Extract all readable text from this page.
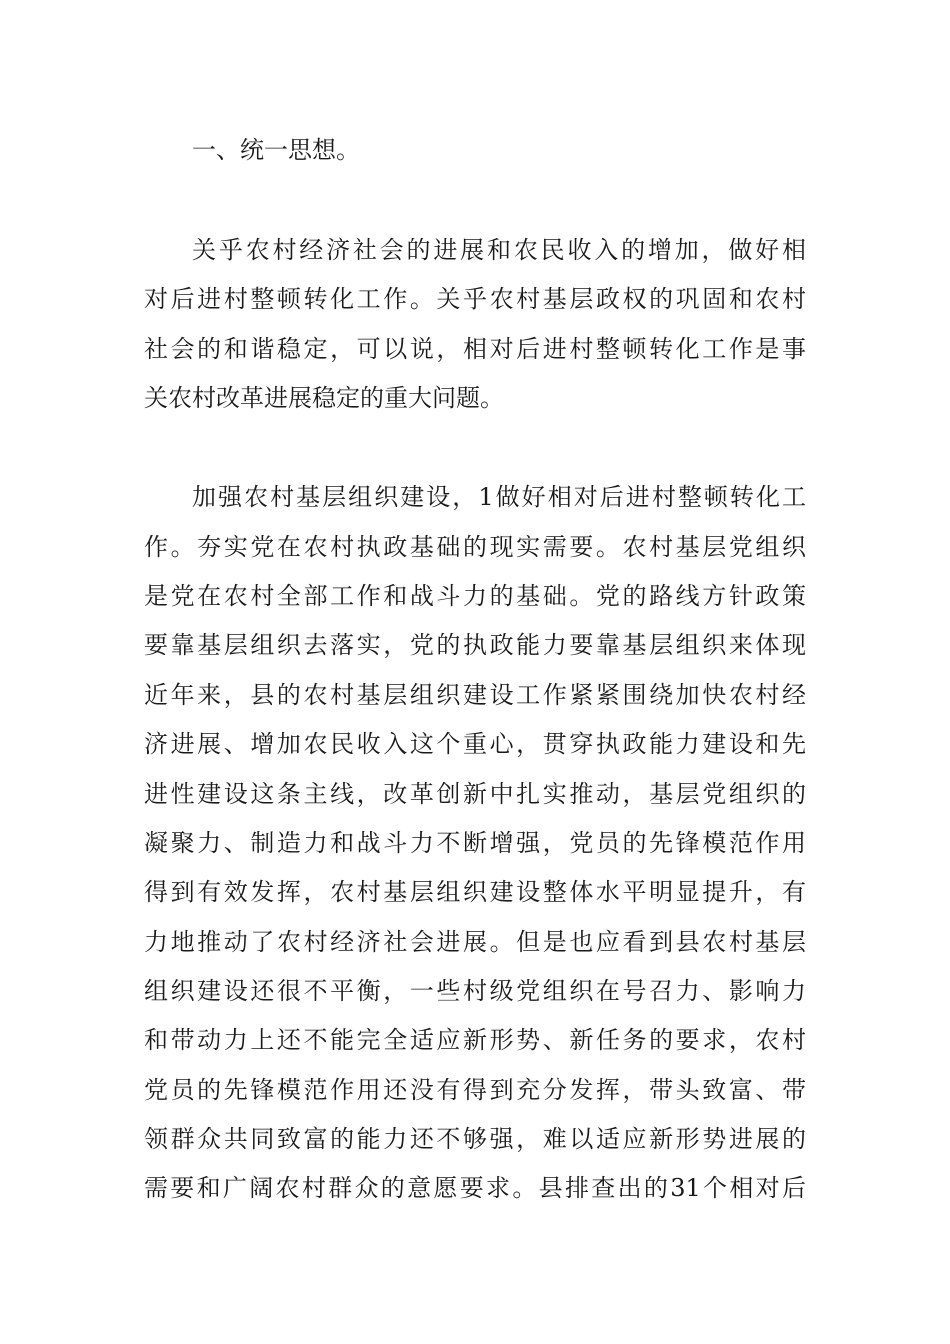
一、统一思想。
关乎农村经济社会的进展和农民收入的增加，做好相
对后进村整顿转化工作。关乎农村基层政权的巩固和农村
社会的和谐稳定，可以说，相对后进村整顿转化工作是事
关农村改革进展稳定的重大问题。
加强农村基层组织建设，1做好相对后进村整顿转化工
作。夯实党在农村执政基础的现实需要。农村基层党组织
是党在农村全部工作和战斗力的基础。党的路线方针政策
要靠基层组织去落实，党的执政能力要靠基层组织来体现
近年来，县的农村基层组织建设工作紧紧围绕加快农村经
济进展、增加农民收入这个重心，贯穿执政能力建设和先
进性建设这条主线，改革创新中扎实推动，基层党组织的
凝聚力、制造力和战斗力不断增强，党员的先锋模范作用
得到有效发挥，农村基层组织建设整体水平明显提升，有
力地推动了农村经济社会进展。但是也应看到县农村基层
组织建设还很不平衡，一些村级党组织在号召力、影响力
和带动力上还不能完全适应新形势、新任务的要求，农村
党员的先锋模范作用还没有得到充分发挥，带头致富、带
领群众共同致富的能力还不够强，难以适应新形势进展的
需要和广阔农村群众的意愿要求。县排查出的31个相对后
